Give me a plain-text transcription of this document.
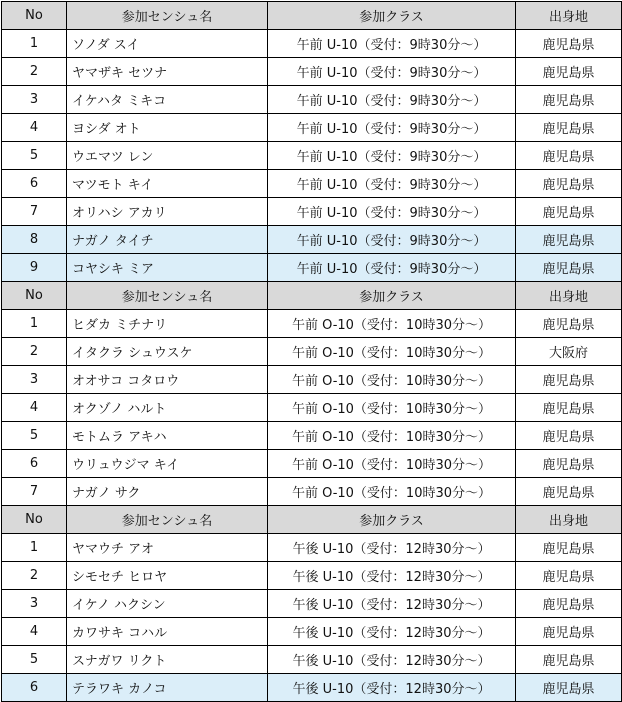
No	参加センシュ名	参加クラス	出身地
1	ソノダ スイ	午前 U-10（受付：9時30分〜）	鹿児島県
2	ヤマザキ セツナ	午前 U-10（受付：9時30分〜）	鹿児島県
3	イケハタ ミキコ	午前 U-10（受付：9時30分〜）	鹿児島県
4	ヨシダ オト	午前 U-10（受付：9時30分〜）	鹿児島県
5	ウエマツ レン	午前 U-10（受付：9時30分〜）	鹿児島県
6	マツモト キイ	午前 U-10（受付：9時30分〜）	鹿児島県
7	オリハシ アカリ	午前 U-10（受付：9時30分〜）	鹿児島県
8	ナガノ タイチ	午前 U-10（受付：9時30分〜）	鹿児島県
9	コヤシキ ミア	午前 U-10（受付：9時30分〜）	鹿児島県
No	参加センシュ名	参加クラス	出身地
1	ヒダカ ミチナリ	午前 O-10（受付：10時30分〜）	鹿児島県
2	イタクラ シュウスケ	午前 O-10（受付：10時30分〜）	大阪府
3	オオサコ コタロウ	午前 O-10（受付：10時30分〜）	鹿児島県
4	オクゾノ ハルト	午前 O-10（受付：10時30分〜）	鹿児島県
5	モトムラ アキハ	午前 O-10（受付：10時30分〜）	鹿児島県
6	ウリュウジマ キイ	午前 O-10（受付：10時30分〜）	鹿児島県
7	ナガノ サク	午前 O-10（受付：10時30分〜）	鹿児島県
No	参加センシュ名	参加クラス	出身地
1	ヤマウチ アオ	午後 U-10（受付：12時30分〜）	鹿児島県
2	シモセチ ヒロヤ	午後 U-10（受付：12時30分〜）	鹿児島県
3	イケノ ハクシン	午後 U-10（受付：12時30分〜）	鹿児島県
4	カワサキ コハル	午後 U-10（受付：12時30分〜）	鹿児島県
5	スナガワ リクト	午後 U-10（受付：12時30分〜）	鹿児島県
6	テラワキ カノコ	午後 U-10（受付：12時30分〜）	鹿児島県
